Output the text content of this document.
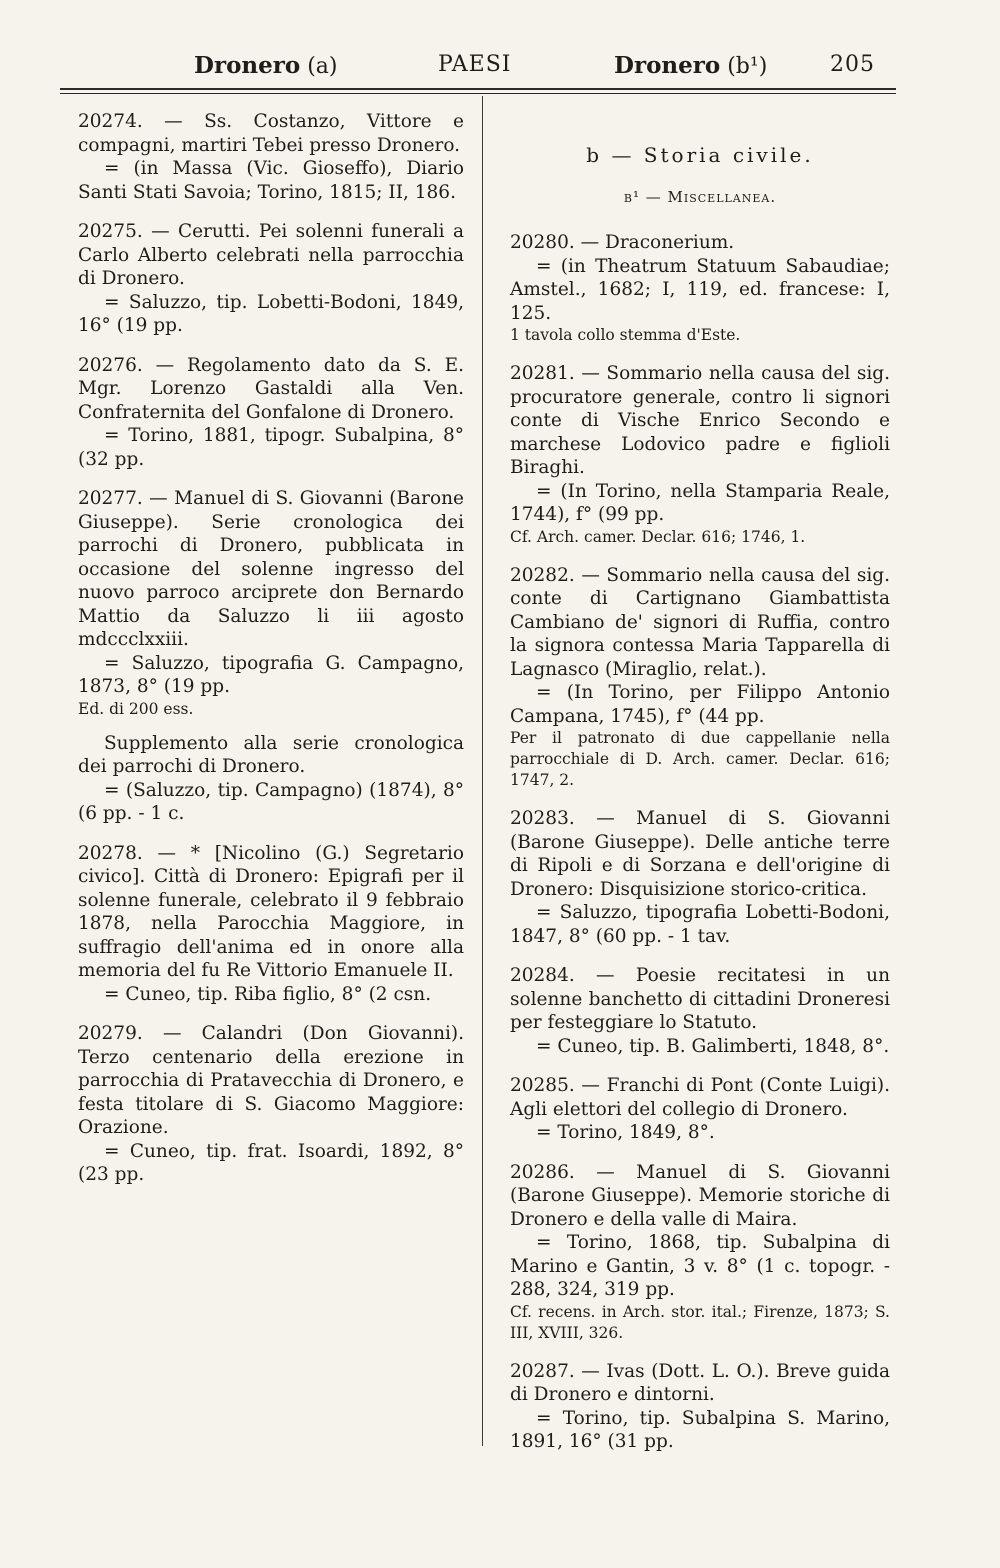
Dronero (a)	PAESI	Dronero (b¹)	205

20274. — Ss. Costanzo, Vittore e compagni, martiri Tebei presso Dronero.

= (in Massa (Vic. Gioseffo), Diario Santi Stati Savoia; Torino, 1815; II, 186.

20275. — Cerutti. Pei solenni funerali a Carlo Alberto celebrati nella parrocchia di Dronero.

= Saluzzo, tip. Lobetti-Bodoni, 1849, 16° (19 pp.

20276. — Regolamento dato da S. E. Mgr. Lorenzo Gastaldi alla Ven. Confraternita del Gonfalone di Dronero.

= Torino, 1881, tipogr. Subalpina, 8° (32 pp.

20277. — Manuel di S. Giovanni (Barone Giuseppe). Serie cronologica dei parrochi di Dronero, pubblicata in occasione del solenne ingresso del nuovo parroco arciprete don Bernardo Mattio da Saluzzo li iii agosto mdccclxxiii.

= Saluzzo, tipografia G. Campagno, 1873, 8° (19 pp.

Ed. di 200 ess.

Supplemento alla serie cronologica dei parrochi di Dronero.

= (Saluzzo, tip. Campagno) (1874), 8° (6 pp. - 1 c.

20278. — * [Nicolino (G.) Segretario civico]. Città di Dronero: Epigrafi per il solenne funerale, celebrato il 9 febbraio 1878, nella Parocchia Maggiore, in suffragio dell'anima ed in onore alla memoria del fu Re Vittorio Emanuele II.

= Cuneo, tip. Riba figlio, 8° (2 csn.

20279. — Calandri (Don Giovanni). Terzo centenario della erezione in parrocchia di Pratavecchia di Dronero, e festa titolare di S. Giacomo Maggiore: Orazione.

= Cuneo, tip. frat. Isoardi, 1892, 8° (23 pp.

b — Storia civile.
b¹ — Miscellanea.

20280. — Draconerium.

= (in Theatrum Statuum Sabaudiae; Amstel., 1682; I, 119, ed. francese: I, 125.

1 tavola collo stemma d'Este.

20281. — Sommario nella causa del sig. procuratore generale, contro li signori conte di Vische Enrico Secondo e marchese Lodovico padre e figlioli Biraghi.

= (In Torino, nella Stamparia Reale, 1744), f° (99 pp.

Cf. Arch. camer. Declar. 616; 1746, 1.

20282. — Sommario nella causa del sig. conte di Cartignano Giambattista Cambiano de' signori di Ruffia, contro la signora contessa Maria Tapparella di Lagnasco (Miraglio, relat.).

= (In Torino, per Filippo Antonio Campana, 1745), f° (44 pp.

Per il patronato di due cappellanie nella parrocchiale di D. Arch. camer. Declar. 616; 1747, 2.

20283. — Manuel di S. Giovanni (Barone Giuseppe). Delle antiche terre di Ripoli e di Sorzana e dell'origine di Dronero: Disquisizione storico-critica.

= Saluzzo, tipografia Lobetti-Bodoni, 1847, 8° (60 pp. - 1 tav.

20284. — Poesie recitatesi in un solenne banchetto di cittadini Droneresi per festeggiare lo Statuto.

= Cuneo, tip. B. Galimberti, 1848, 8°.

20285. — Franchi di Pont (Conte Luigi). Agli elettori del collegio di Dronero.

= Torino, 1849, 8°.

20286. — Manuel di S. Giovanni (Barone Giuseppe). Memorie storiche di Dronero e della valle di Maira.

= Torino, 1868, tip. Subalpina di Marino e Gantin, 3 v. 8° (1 c. topogr. - 288, 324, 319 pp.

Cf. recens. in Arch. stor. ital.; Firenze, 1873; S. III, XVIII, 326.

20287. — Ivas (Dott. L. O.). Breve guida di Dronero e dintorni.

= Torino, tip. Subalpina S. Marino, 1891, 16° (31 pp.
